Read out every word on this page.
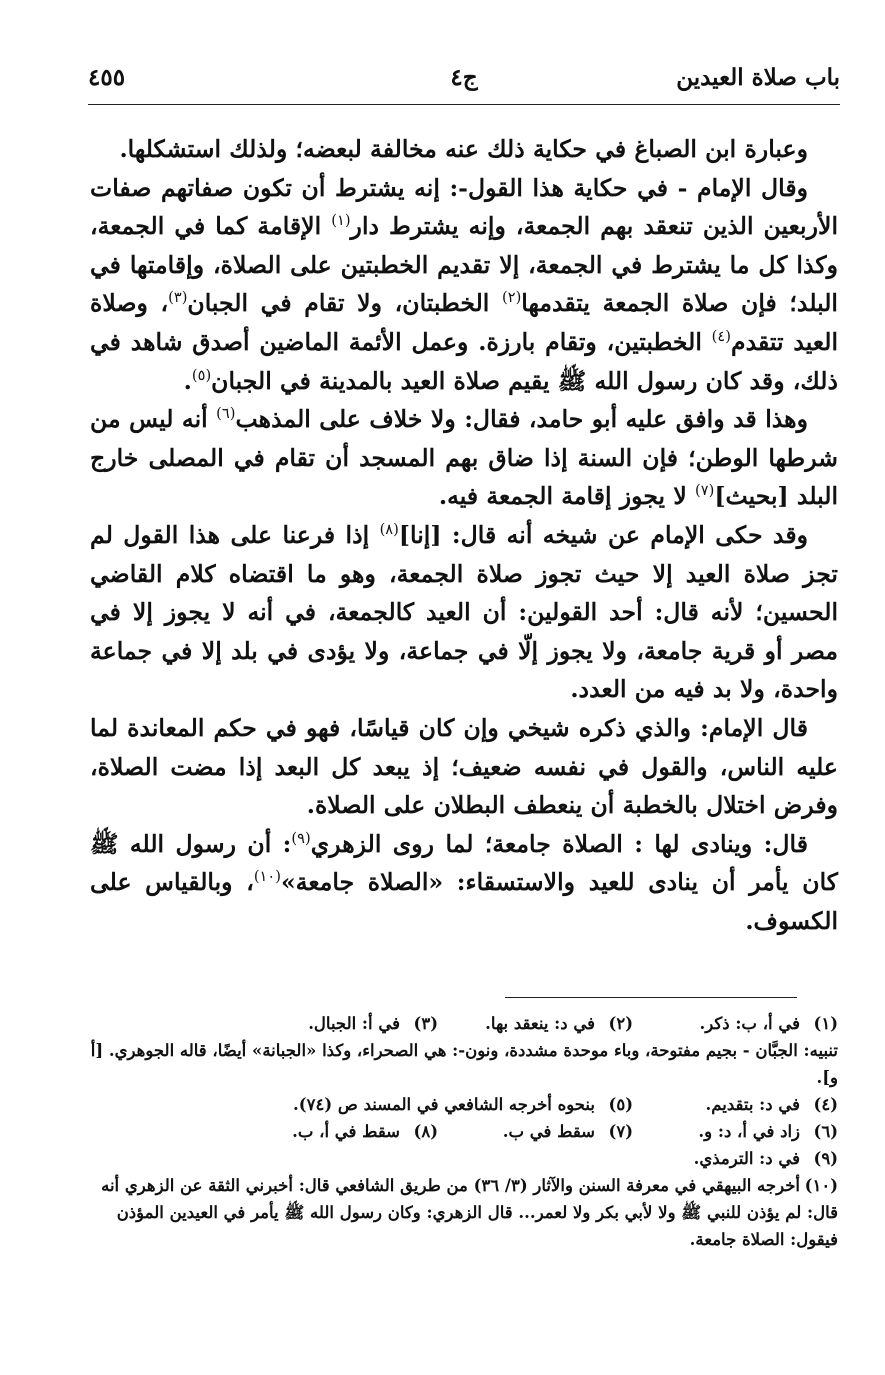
باب صلاة العيدين
ج٤
٤٥٥

وعبارة ابن الصباغ في حكاية ذلك عنه مخالفة لبعضه؛ ولذلك استشكلها.

وقال الإمام - في حكاية هذا القول-: إنه يشترط أن تكون صفاتهم صفات الأربعين الذين تنعقد بهم الجمعة، وإنه يشترط دار$^{(١)}$ الإقامة كما في الجمعة، وكذا كل ما يشترط في الجمعة، إلا تقديم الخطبتين على الصلاة، وإقامتها في البلد؛ فإن صلاة الجمعة يتقدمها$^{(٢)}$ الخطبتان، ولا تقام في الجبان$^{(٣)}$، وصلاة العيد تتقدم$^{(٤)}$ الخطبتين، وتقام بارزة. وعمل الأئمة الماضين أصدق شاهد في ذلك، وقد كان رسول الله ﷺ يقيم صلاة العيد بالمدينة في الجبان$^{(٥)}$.

وهذا قد وافق عليه أبو حامد، فقال: ولا خلاف على المذهب$^{(٦)}$ أنه ليس من شرطها الوطن؛ فإن السنة إذا ضاق بهم المسجد أن تقام في المصلى خارج البلد [بحيث]$^{(٧)}$ لا يجوز إقامة الجمعة فيه.

وقد حكى الإمام عن شيخه أنه قال: [إنا]$^{(٨)}$ إذا فرعنا على هذا القول لم تجز صلاة العيد إلا حيث تجوز صلاة الجمعة، وهو ما اقتضاه كلام القاضي الحسين؛ لأنه قال: أحد القولين: أن العيد كالجمعة، في أنه لا يجوز إلا في مصر أو قرية جامعة، ولا يجوز إلّا في جماعة، ولا يؤدى في بلد إلا في جماعة واحدة، ولا بد فيه من العدد.

قال الإمام: والذي ذكره شيخي وإن كان قياسًا، فهو في حكم المعاندة لما عليه الناس، والقول في نفسه ضعيف؛ إذ يبعد كل البعد إذا مضت الصلاة، وفرض اختلال بالخطبة أن ينعطف البطلان على الصلاة.

قال: وينادى لها : الصلاة جامعة؛ لما روى الزهري$^{(٩)}$: أن رسول الله ﷺ كان يأمر أن ينادى للعيد والاستسقاء: «الصلاة جامعة»$^{(١٠)}$، وبالقياس على الكسوف.

(١)
في أ، ب: ذكر.
(٢)
في د: ينعقد بها.
(٣)
في أ: الجبال.

تنبيه: الجبَّان - بجيم مفتوحة، وباء موحدة مشددة، ونون-: هي الصحراء، وكذا «الجبانة» أيضًا، قاله الجوهري. [أ و].

(٤)
في د: بتقديم.
(٥)
بنحوه أخرجه الشافعي في المسند ص (٧٤).
(٦)
زاد في أ، د: و.
(٧)
سقط في ب.
(٨)
سقط في أ، ب.
(٩)
في د: الترمذي.

(١٠)أخرجه البيهقي في معرفة السنن والآثار (٣/ ٣٦) من طريق الشافعي قال: أخبرني الثقة عن الزهري أنه قال: لم يؤذن للنبي ﷺ ولا لأبي بكر ولا لعمر... قال الزهري: وكان رسول الله ﷺ يأمر في العيدين المؤذن فيقول: الصلاة جامعة.
